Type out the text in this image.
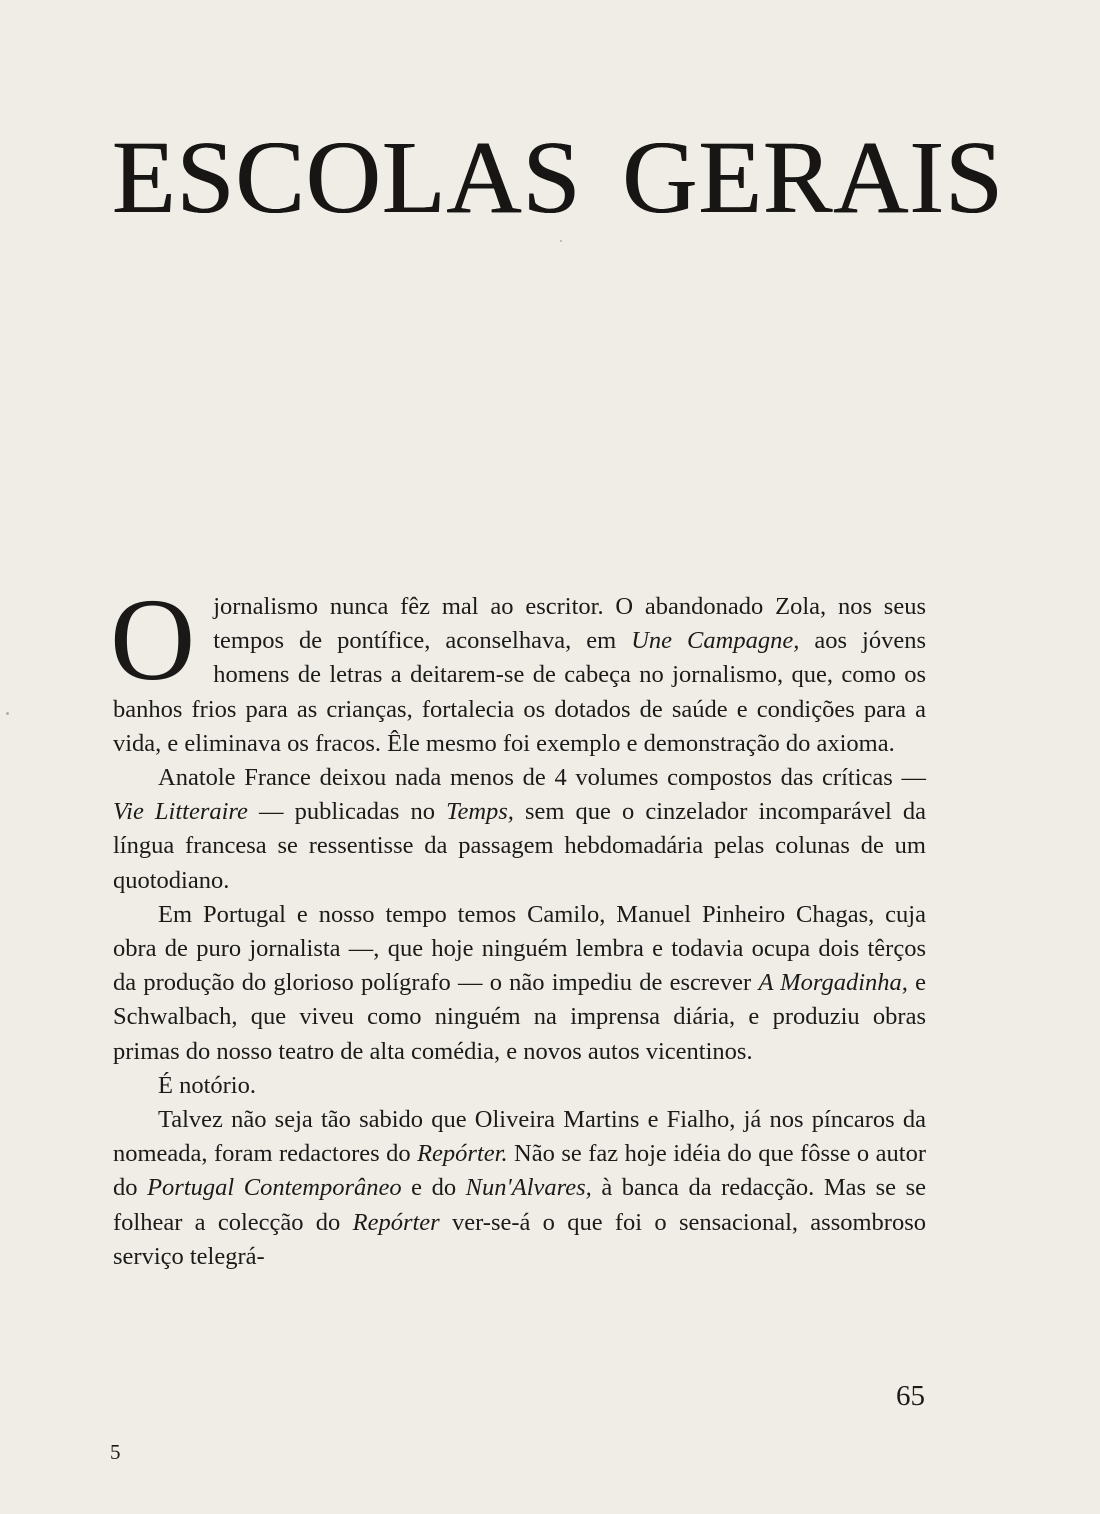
ESCOLAS GERAIS

O jornalismo nunca fêz mal ao escritor. O abandonado Zola, nos seus tempos de pontífice, aconselhava, em Une Campagne, aos jóvens homens de letras a deitarem-se de cabeça no jornalismo, que, como os banhos frios para as crianças, fortalecia os dotados de saúde e condições para a vida, e eliminava os fracos. Êle mesmo foi exemplo e demonstração do axioma.

Anatole France deixou nada menos de 4 volumes compostos das críticas — Vie Litteraire — publicadas no Temps, sem que o cinzelador incomparável da língua francesa se ressentisse da passagem hebdomadária pelas colunas de um quotodiano.

Em Portugal e nosso tempo temos Camilo, Manuel Pinheiro Chagas, cuja obra de puro jornalista —, que hoje ninguém lembra e todavia ocupa dois têrços da produção do glorioso polígrafo — o não impediu de escrever A Morgadinha, e Schwalbach, que viveu como ninguém na imprensa diária, e produziu obras primas do nosso teatro de alta comédia, e novos autos vicentinos.

É notório.

Talvez não seja tão sabido que Oliveira Martins e Fialho, já nos píncaros da nomeada, foram redactores do Repórter. Não se faz hoje idéia do que fôsse o autor do Portugal Contemporâneo e do Nun'Alvares, à banca da redacção. Mas se se folhear a colecção do Repórter ver-se-á o que foi o sensacional, assombroso serviço telegrá-

65

5
